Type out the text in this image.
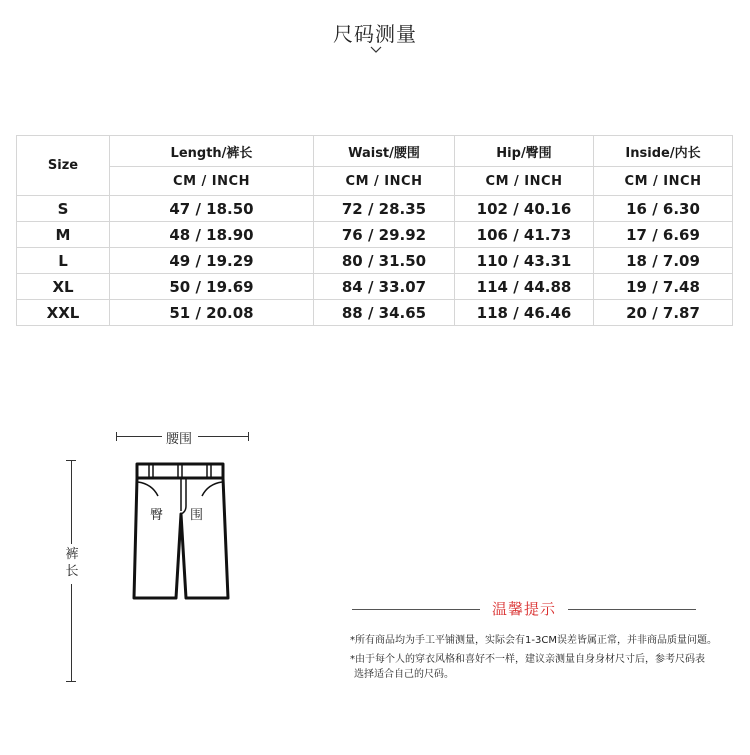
尺码测量
Size	Length/裤长	Waist/腰围	Hip/臀围	Inside/内长
	CM / INCH	CM / INCH	CM / INCH	CM / INCH
S	47 / 18.50	72 / 28.35	102 / 40.16	16 / 6.30
M	48 / 18.90	76 / 29.92	106 / 41.73	17 / 6.69
L	49 / 19.29	80 / 31.50	110 / 43.31	18 / 7.09
XL	50 / 19.69	84 / 33.07	114 / 44.88	19 / 7.48
XXL	51 / 20.08	88 / 34.65	118 / 46.46	20 / 7.87
腰围
裤长
臀 围
温馨提示
*所有商品均为手工平铺测量，实际会有1-3CM误差皆属正常，并非商品质量问题。
*由于每个人的穿衣风格和喜好不一样，建议亲测量自身身材尺寸后，参考尺码表
选择适合自己的尺码。
